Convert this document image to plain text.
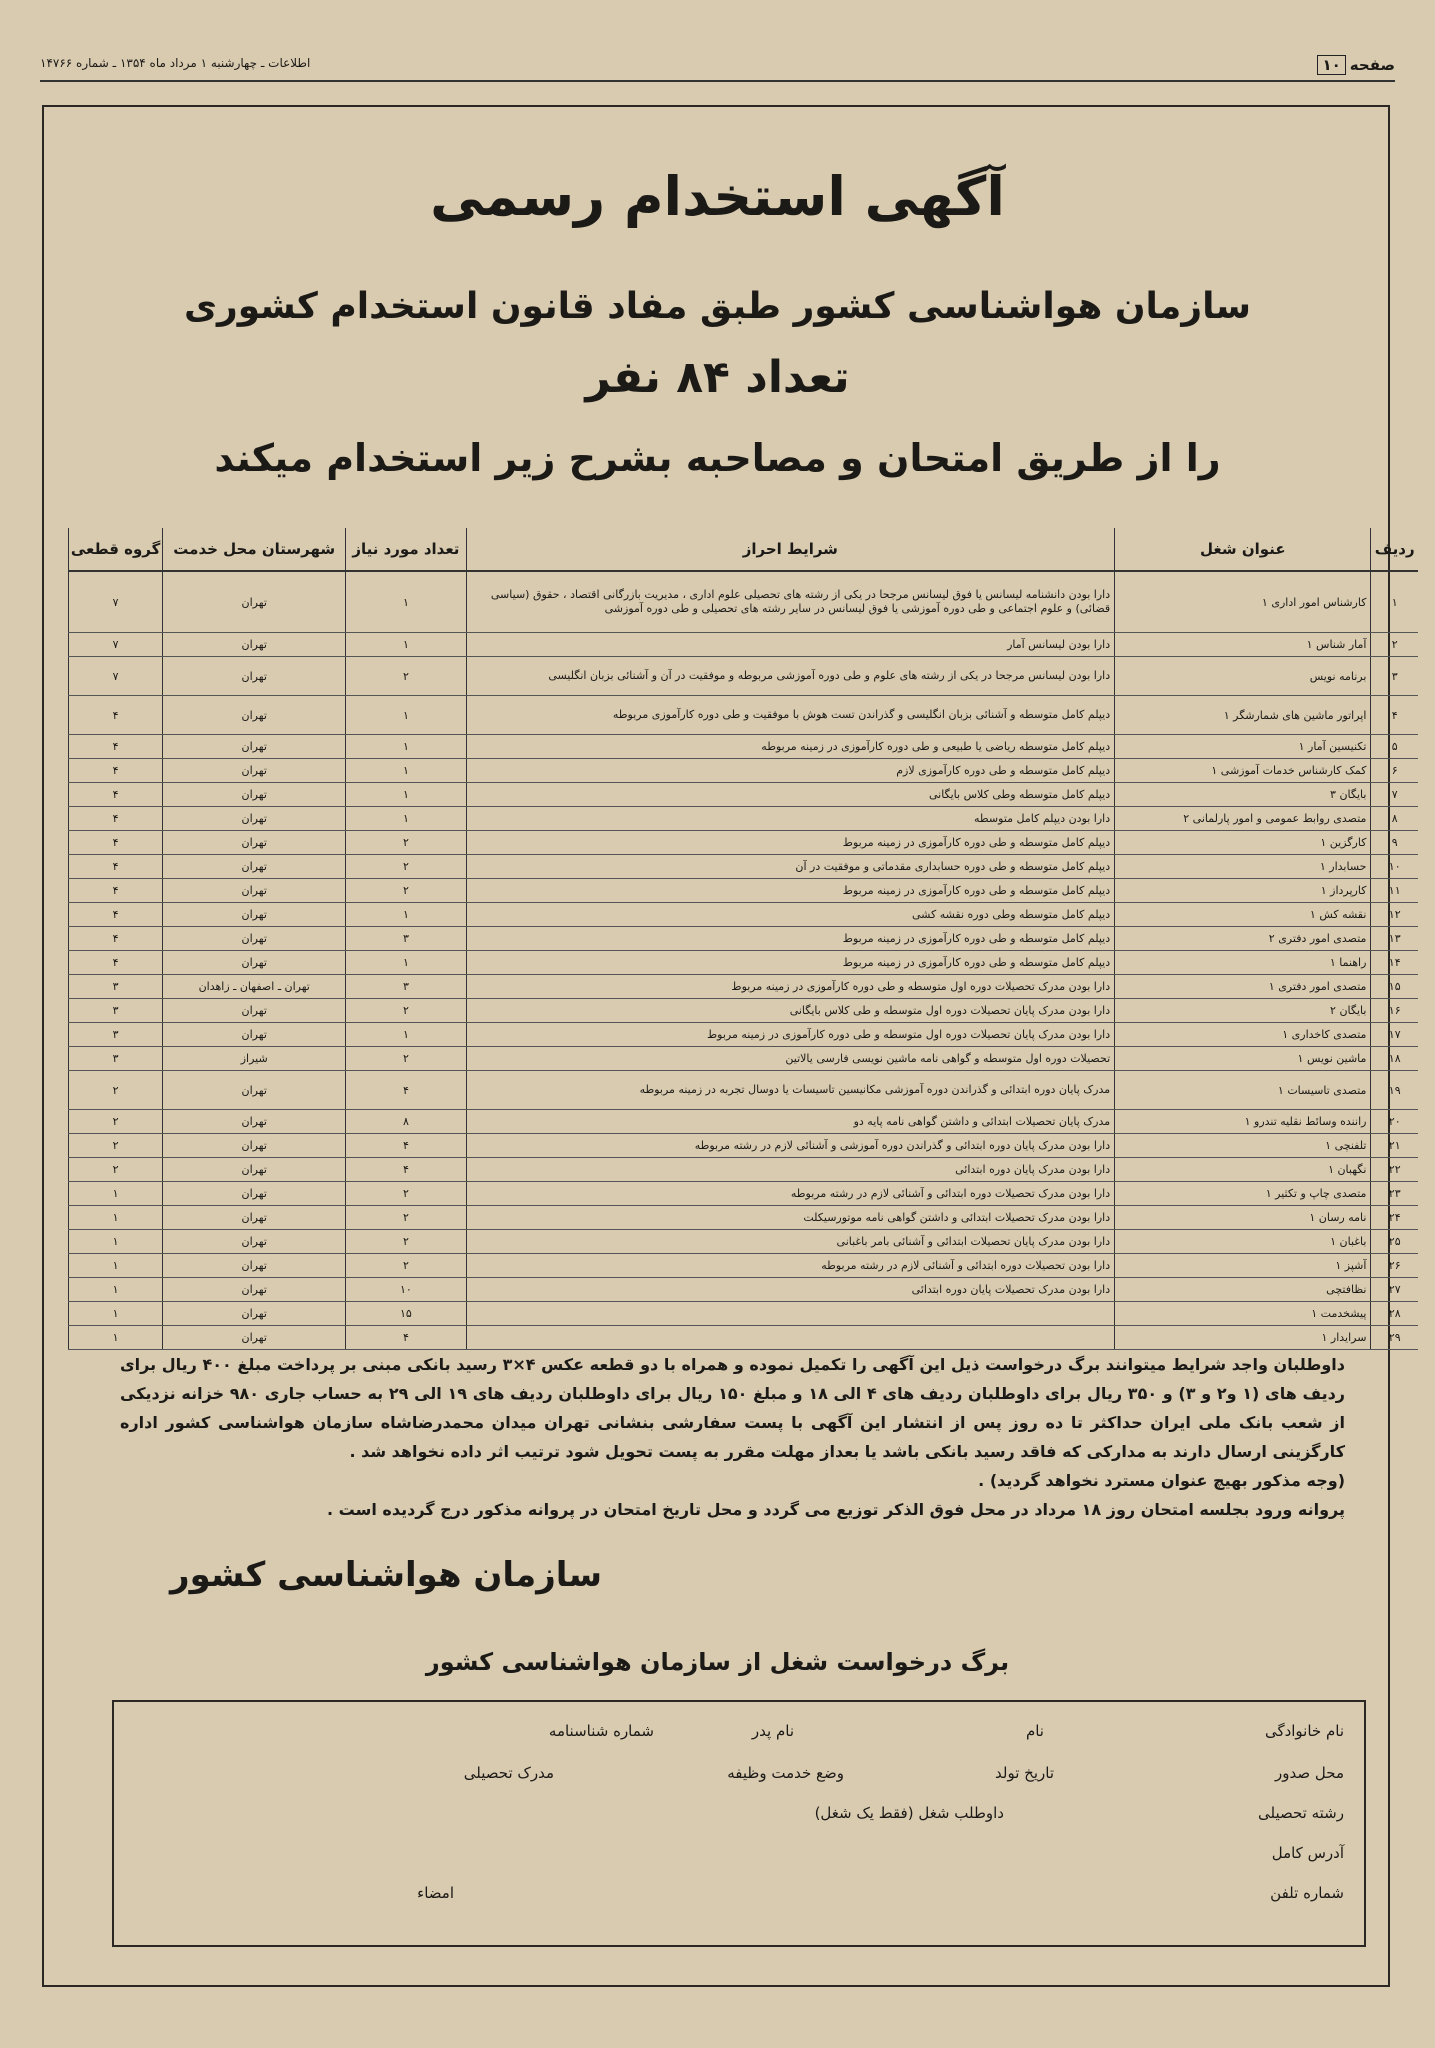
صفحه۱۰
اطلاعات ـ چهارشنبه ۱ مرداد ماه ۱۳۵۴ ـ شماره ۱۴۷۶۶
آگهی استخدام رسمی
سازمان هواشناسی کشور طبق مفاد قانون استخدام کشوری
تعداد ۸۴ نفر
را از طریق امتحان و مصاحبه بشرح زیر استخدام میکند
ردیف	عنوان شغل	شرایط احراز	تعداد مورد نیاز	شهرستان محل خدمت	گروه قطعی
۱	کارشناس امور اداری ۱	دارا بودن دانشنامه لیسانس یا فوق لیسانس مرجحا در یکی از رشته های تحصیلی علوم اداری ، مدیریت بازرگانی اقتصاد ، حقوق (سیاسی قضائی) و علوم اجتماعی و طی دوره آموزشی یا فوق لیسانس در سایر رشته های تحصیلی و طی دوره آموزشی	۱	تهران	۷
۲	آمار شناس ۱	دارا بودن لیسانس آمار	۱	تهران	۷
۳	برنامه نویس	دارا بودن لیسانس مرجحا در یکی از رشته های علوم و طی دوره آموزشی مربوطه و موفقیت در آن و آشنائی بزبان انگلیسی	۲	تهران	۷
۴	اپراتور ماشین های شمارشگر ۱	دیپلم کامل متوسطه و آشنائی بزبان انگلیسی و گذراندن تست هوش با موفقیت و طی دوره کارآموزی مربوطه	۱	تهران	۴
۵	تکنیسین آمار ۱	دیپلم کامل متوسطه ریاضی یا طبیعی و طی دوره کارآموزی در زمینه مربوطه	۱	تهران	۴
۶	کمک کارشناس خدمات آموزشی ۱	دیپلم کامل متوسطه و طی دوره کارآموزی لازم	۱	تهران	۴
۷	بایگان ۳	دیپلم کامل متوسطه وطی کلاس بایگانی	۱	تهران	۴
۸	متصدی روابط عمومی و امور پارلمانی ۲	دارا بودن دیپلم کامل متوسطه	۱	تهران	۴
۹	کارگزین ۱	دیپلم کامل متوسطه و طی دوره کارآموزی در زمینه مربوط	۲	تهران	۴
۱۰	حسابدار ۱	دیپلم کامل متوسطه و طی دوره حسابداری مقدماتی و موفقیت در آن	۲	تهران	۴
۱۱	کارپرداز ۱	دیپلم کامل متوسطه و طی دوره کارآموزی در زمینه مربوط	۲	تهران	۴
۱۲	نقشه کش ۱	دیپلم کامل متوسطه وطی دوره نقشه کشی	۱	تهران	۴
۱۳	متصدی امور دفتری ۲	دیپلم کامل متوسطه و طی دوره کارآموزی در زمینه مربوط	۳	تهران	۴
۱۴	راهنما ۱	دیپلم کامل متوسطه و طی دوره کارآموزی در زمینه مربوط	۱	تهران	۴
۱۵	متصدی امور دفتری ۱	دارا بودن مدرک تحصیلات دوره اول متوسطه و طی دوره کارآموزی در زمینه مربوط	۳	تهران ـ اصفهان ـ زاهدان	۳
۱۶	بایگان ۲	دارا بودن مدرک پایان تحصیلات دوره اول متوسطه و طی کلاس بایگانی	۲	تهران	۳
۱۷	متصدی کاخداری ۱	دارا بودن مدرک پایان تحصیلات دوره اول متوسطه و طی دوره کارآموزی در زمینه مربوط	۱	تهران	۳
۱۸	ماشین نویس ۱	تحصیلات دوره اول متوسطه و گواهی نامه ماشین نویسی فارسی یالاتین	۲	شیراز	۳
۱۹	متصدی تاسیسات ۱	مدرک پایان دوره ابتدائی و گذراندن دوره آموزشی مکانیسین تاسیسات یا دوسال تجربه در زمینه مربوطه	۴	تهران	۲
۲۰	راننده وسائط نقلیه تندرو ۱	مدرک پایان تحصیلات ابتدائی و داشتن گواهی نامه پایه دو	۸	تهران	۲
۲۱	تلفنچی ۱	دارا بودن مدرک پایان دوره ابتدائی و گذراندن دوره آموزشی و آشنائی لازم در رشته مربوطه	۴	تهران	۲
۲۲	نگهبان ۱	دارا بودن مدرک پایان دوره ابتدائی	۴	تهران	۲
۲۳	متصدی چاپ و تکثیر ۱	دارا بودن مدرک تحصیلات دوره ابتدائی و آشنائی لازم در رشته مربوطه	۲	تهران	۱
۲۴	نامه رسان ۱	دارا بودن مدرک تحصیلات ابتدائی و داشتن گواهی نامه موتورسیکلت	۲	تهران	۱
۲۵	باغبان ۱	دارا بودن مدرک پایان تحصیلات ابتدائی و آشنائی بامر باغبانی	۲	تهران	۱
۲۶	آشپز ۱	دارا بودن تحصیلات دوره ابتدائی و آشنائی لازم در رشته مربوطه	۲	تهران	۱
۲۷	نظافتچی	دارا بودن مدرک تحصیلات پایان دوره ابتدائی	۱۰	تهران	۱
۲۸	پیشخدمت ۱		۱۵	تهران	۱
۲۹	سرایدار ۱		۴	تهران	۱
داوطلبان واجد شرایط میتوانند برگ درخواست ذیل این آگهی را تکمیل نموده و همراه با دو قطعه عکس ۴×۳ رسید بانکی مبنی بر پرداخت مبلغ ۴۰۰ ریال برای ردیف های (۱ و۲ و ۳) و ۳۵۰ ریال برای داوطلبان ردیف های ۴ الی ۱۸ و مبلغ ۱۵۰ ریال برای داوطلبان ردیف های ۱۹ الی ۲۹ به حساب جاری ۹۸۰ خزانه نزدیکی از شعب بانک ملی ایران حداکثر تا ده روز پس از انتشار این آگهی با پست سفارشی بنشانی تهران میدان محمدرضاشاه سازمان هواشناسی کشور اداره کارگزینی ارسال دارند به مدارکی که فاقد رسید بانکی باشد یا بعداز مهلت مقرر به پست تحویل شود ترتیب اثر داده نخواهد شد .
(وجه مذکور بهیچ عنوان مسترد نخواهد گردید) .
پروانه ورود بجلسه امتحان روز ۱۸ مرداد در محل فوق الذکر توزیع می گردد و محل تاریخ امتحان در پروانه مذکور درج گردیده است .
سازمان هواشناسی کشور
برگ درخواست شغل از سازمان هواشناسی کشور
نام خانوادگی
نام
نام پدر
شماره شناسنامه
محل صدور
تاریخ تولد
وضع خدمت وظیفه
مدرک تحصیلی
رشته تحصیلی
داوطلب شغل (فقط یک شغل)
آدرس کامل
شماره تلفن
امضاء
